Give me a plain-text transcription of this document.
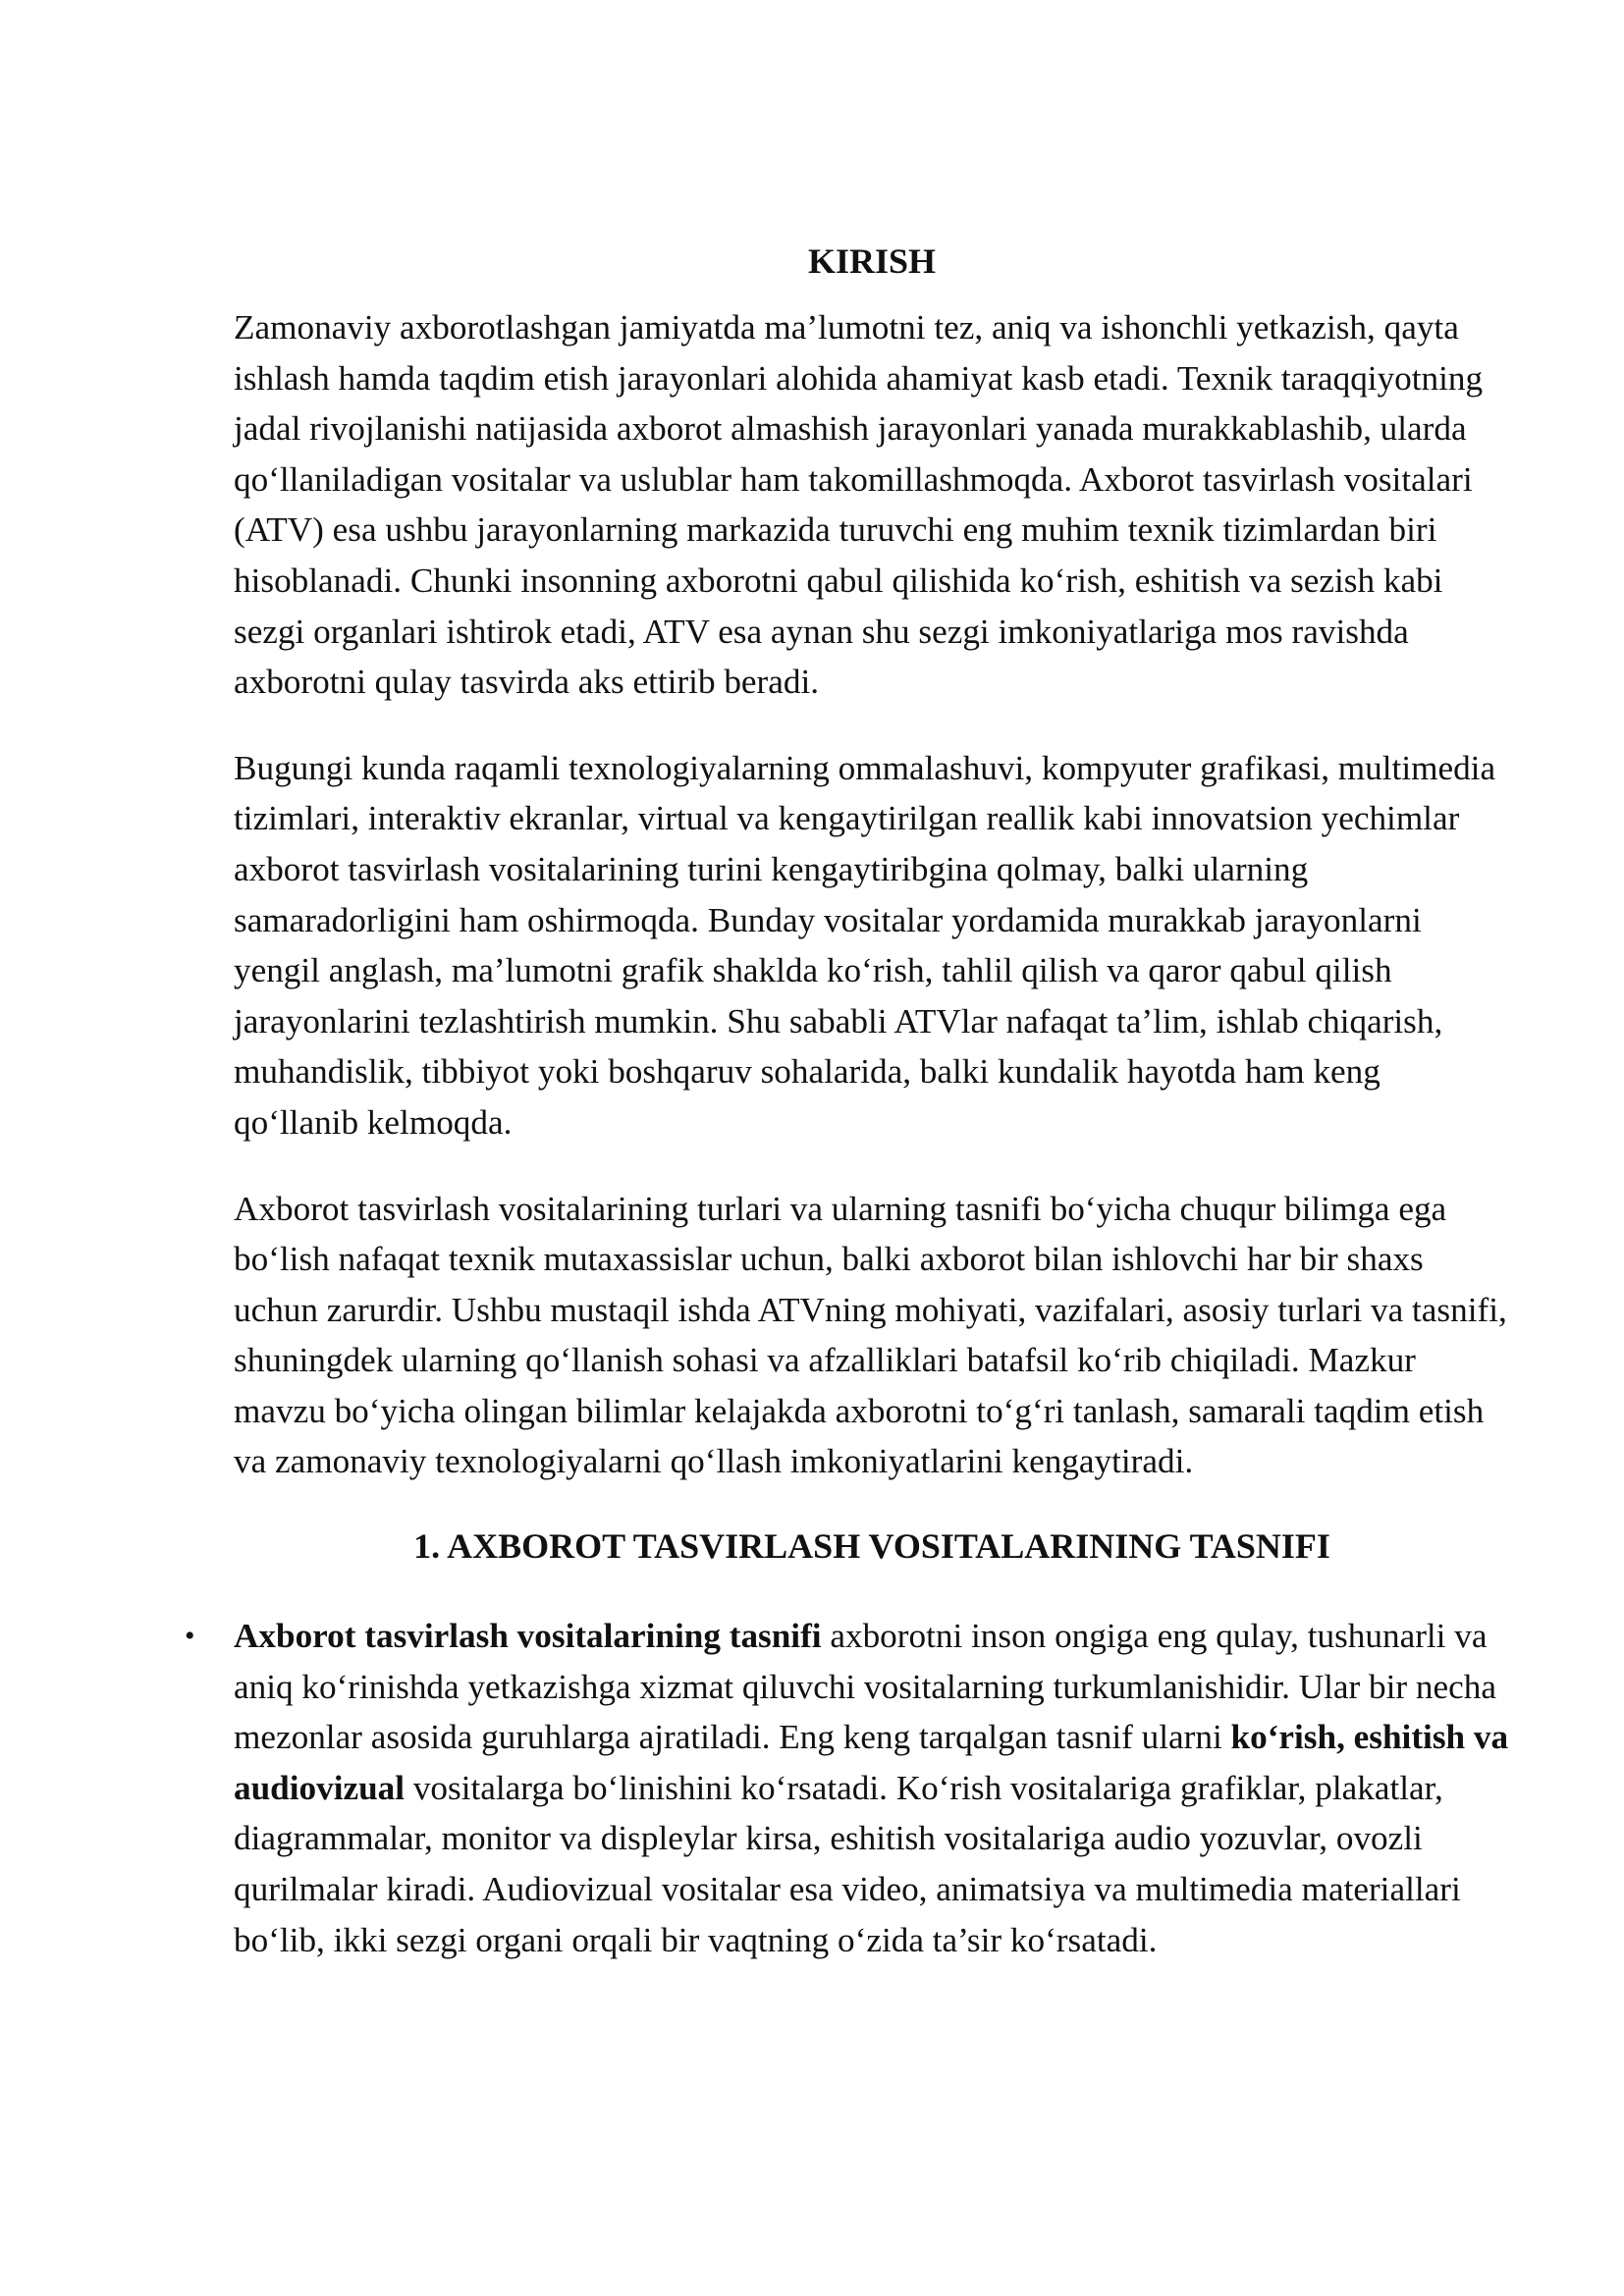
KIRISH

Zamonaviy axborotlashgan jamiyatda ma’lumotni tez, aniq va ishonchli yetkazish, qayta ishlash hamda taqdim etish jarayonlari alohida ahamiyat kasb etadi. Texnik taraqqiyotning jadal rivojlanishi natijasida axborot almashish jarayonlari yanada murakkablashib, ularda qo‘llaniladigan vositalar va uslublar ham takomillashmoqda. Axborot tasvirlash vositalari (ATV) esa ushbu jarayonlarning markazida turuvchi eng muhim texnik tizimlardan biri hisoblanadi. Chunki insonning axborotni qabul qilishida ko‘rish, eshitish va sezish kabi sezgi organlari ishtirok etadi, ATV esa aynan shu sezgi imkoniyatlariga mos ravishda axborotni qulay tasvirda aks ettirib beradi.

Bugungi kunda raqamli texnologiyalarning ommalashuvi, kompyuter grafikasi, multimedia tizimlari, interaktiv ekranlar, virtual va kengaytirilgan reallik kabi innovatsion yechimlar axborot tasvirlash vositalarining turini kengaytiribgina qolmay, balki ularning samaradorligini ham oshirmoqda. Bunday vositalar yordamida murakkab jarayonlarni yengil anglash, ma’lumotni grafik shaklda ko‘rish, tahlil qilish va qaror qabul qilish jarayonlarini tezlashtirish mumkin. Shu sababli ATVlar nafaqat ta’lim, ishlab chiqarish, muhandislik, tibbiyot yoki boshqaruv sohalarida, balki kundalik hayotda ham keng qo‘llanib kelmoqda.

Axborot tasvirlash vositalarining turlari va ularning tasnifi bo‘yicha chuqur bilimga ega bo‘lish nafaqat texnik mutaxassislar uchun, balki axborot bilan ishlovchi har bir shaxs uchun zarurdir. Ushbu mustaqil ishda ATVning mohiyati, vazifalari, asosiy turlari va tasnifi, shuningdek ularning qo‘llanish sohasi va afzalliklari batafsil ko‘rib chiqiladi. Mazkur mavzu bo‘yicha olingan bilimlar kelajakda axborotni to‘g‘ri tanlash, samarali taqdim etish va zamonaviy texnologiyalarni qo‘llash imkoniyatlarini kengaytiradi.

1. AXBOROT TASVIRLASH VOSITALARINING TASNIFI
• Axborot tasvirlash vositalarining tasnifi axborotni inson ongiga eng qulay, tushunarli va aniq ko‘rinishda yetkazishga xizmat qiluvchi vositalarning turkumlanishidir. Ular bir necha mezonlar asosida guruhlarga ajratiladi. Eng keng tarqalgan tasnif ularni ko‘rish, eshitish va audiovizual vositalarga bo‘linishini ko‘rsatadi. Ko‘rish vositalariga grafiklar, plakatlar, diagrammalar, monitor va displeylar kirsa, eshitish vositalariga audio yozuvlar, ovozli qurilmalar kiradi. Audiovizual vositalar esa video, animatsiya va multimedia materiallari bo‘lib, ikki sezgi organi orqali bir vaqtning o‘zida ta’sir ko‘rsatadi.
